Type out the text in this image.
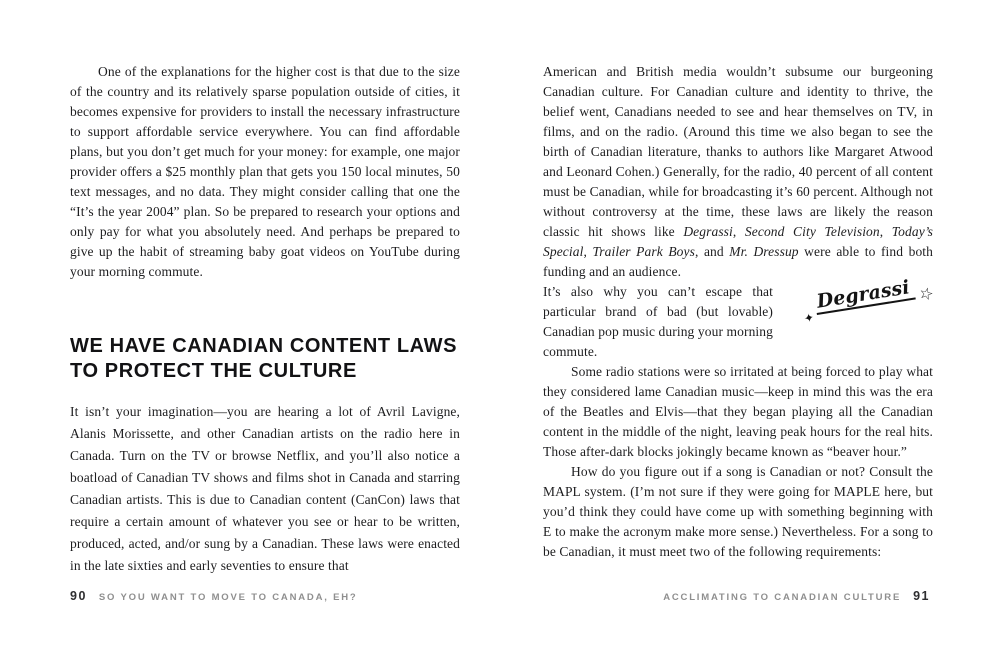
One of the explanations for the higher cost is that due to the size of the country and its relatively sparse population outside of cities, it becomes expensive for providers to install the necessary infrastructure to support affordable service everywhere. You can find affordable plans, but you don’t get much for your money: for example, one major provider offers a $25 monthly plan that gets you 150 local minutes, 50 text messages, and no data. They might consider calling that one the “It’s the year 2004” plan. So be prepared to research your options and only pay for what you absolutely need. And perhaps be prepared to give up the habit of streaming baby goat videos on YouTube during your morning commute.

WE HAVE CANADIAN CONTENT LAWS
TO PROTECT THE CULTURE

It isn’t your imagination—you are hearing a lot of Avril Lavigne, Alanis Morissette, and other Canadian artists on the radio here in Canada. Turn on the TV or browse Netflix, and you’ll also notice a boatload of Canadian TV shows and films shot in Canada and starring Canadian artists. This is due to Canadian content (CanCon) laws that require a certain amount of whatever you see or hear to be written, produced, acted, and/or sung by a Canadian. These laws were enacted in the late sixties and early seventies to ensure that

American and British media wouldn’t subsume our burgeoning Canadian culture. For Canadian culture and identity to thrive, the belief went, Canadians needed to see and hear themselves on TV, in films, and on the radio. (Around this time we also began to see the birth of Canadian literature, thanks to authors like Margaret Atwood and Leonard Cohen.) Generally, for the radio, 40 percent of all content must be Canadian, while for broadcasting it’s 60 percent. Although not without controversy at the time, these laws are likely the reason classic hit shows like Degrassi, Second City Television, Today’s Special, Trailer Park Boys, and Mr. Dressup were able to find both funding and an audience.

✦
Degrassi ☆
It’s also why you can’t escape that particular brand of bad (but lovable) Canadian pop music during your morning commute.

Some radio stations were so irritated at being forced to play what they considered lame Canadian music—keep in mind this was the era of the Beatles and Elvis—that they began playing all the Canadian content in the middle of the night, leaving peak hours for the real hits. Those after-dark blocks jokingly became known as “beaver hour.”

How do you figure out if a song is Canadian or not? Consult the MAPL system. (I’m not sure if they were going for MAPLE here, but you’d think they could have come up with something beginning with E to make the acronym make more sense.) Nevertheless. For a song to be Canadian, it must meet two of the following requirements:

90 SO YOU WANT TO MOVE TO CANADA, EH?	ACCLIMATING TO CANADIAN CULTURE 91
